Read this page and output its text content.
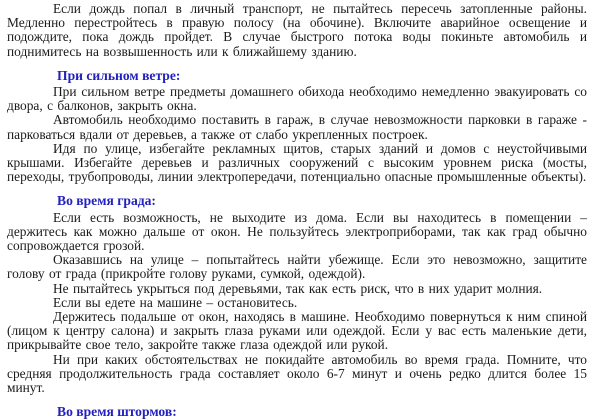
Если дождь попал в личный транспорт, не пытайтесь пересечь затопленные районы. Медленно перестройтесь в правую полосу (на обочине). Включите аварийное освещение и подождите, пока дождь пройдет. В случае быстрого потока воды покиньте автомобиль и поднимитесь на возвышенность или к ближайшему зданию.

При сильном ветре:

При сильном ветре предметы домашнего обихода необходимо немедленно эвакуировать со двора, с балконов, закрыть окна.

Автомобиль необходимо поставить в гараж, в случае невозможности парковки в гараже - парковаться вдали от деревьев, а также от слабо укрепленных построек.

Идя по улице, избегайте рекламных щитов, старых зданий и домов с неустойчивыми крышами. Избегайте деревьев и различных сооружений с высоким уровнем риска (мосты, переходы, трубопроводы, линии электропередачи, потенциально опасные промышленные объекты).

Во время града:

Если есть возможность, не выходите из дома. Если вы находитесь в помещении – держитесь как можно дальше от окон. Не пользуйтесь электроприборами, так как град обычно сопровождается грозой.

Оказавшись на улице – попытайтесь найти убежище. Если это невозможно, защитите голову от града (прикройте голову руками, сумкой, одеждой).

Не пытайтесь укрыться под деревьями, так как есть риск, что в них ударит молния.

Если вы едете на машине – остановитесь.

Держитесь подальше от окон, находясь в машине. Необходимо повернуться к ним спиной (лицом к центру салона) и закрыть глаза руками или одеждой. Если у вас есть маленькие дети, прикрывайте свое тело, закройте также глаза одеждой или рукой.

Ни при каких обстоятельствах не покидайте автомобиль во время града. Помните, что средняя продолжительность града составляет около 6-7 минут и очень редко длится более 15 минут.

Во время штормов:
